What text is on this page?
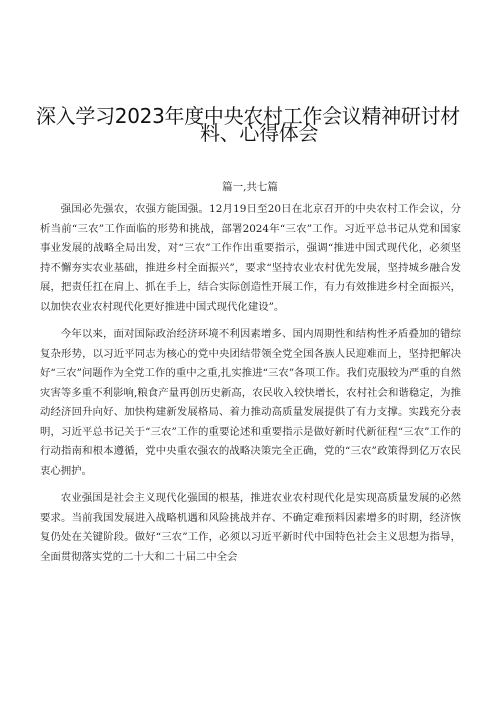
深入学习2023年度中央农村工作会议精神研讨材
料、心得体会

篇一,共七篇

强国必先强农，农强方能国强。12月19日至20日在北京召开的中央农村工作会议，分析当前“三农”工作面临的形势和挑战，部署2024年“三农”工作。习近平总书记从党和国家事业发展的战略全局出发，对“三农”工作作出重要指示，强调“推进中国式现代化，必须坚持不懈夯实农业基础，推进乡村全面振兴”，要求“坚持农业农村优先发展，坚持城乡融合发展，把责任扛在肩上、抓在手上，结合实际创造性开展工作，有力有效推进乡村全面振兴，以加快农业农村现代化更好推进中国式现代化建设”。

今年以来，面对国际政治经济环境不利因素增多、国内周期性和结构性矛盾叠加的错综复杂形势，以习近平同志为核心的党中央团结带领全党全国各族人民迎难而上，坚持把解决好“三农”问题作为全党工作的重中之重,扎实推进“三农”各项工作。我们克服较为严重的自然灾害等多重不利影响,粮食产量再创历史新高，农民收入较快增长，农村社会和谐稳定，为推动经济回升向好、加快构建新发展格局、着力推动高质量发展提供了有力支撑。实践充分表明，习近平总书记关于“三农”工作的重要论述和重要指示是做好新时代新征程“三农”工作的行动指南和根本遵循，党中央重农强农的战略决策完全正确，党的“三农”政策得到亿万农民衷心拥护。

农业强国是社会主义现代化强国的根基，推进农业农村现代化是实现高质量发展的必然要求。当前我国发展进入战略机遇和风险挑战并存、不确定难预料因素增多的时期，经济恢复仍处在关键阶段。做好“三农”工作，必须以习近平新时代中国特色社会主义思想为指导，全面贯彻落实党的二十大和二十届二中全会
